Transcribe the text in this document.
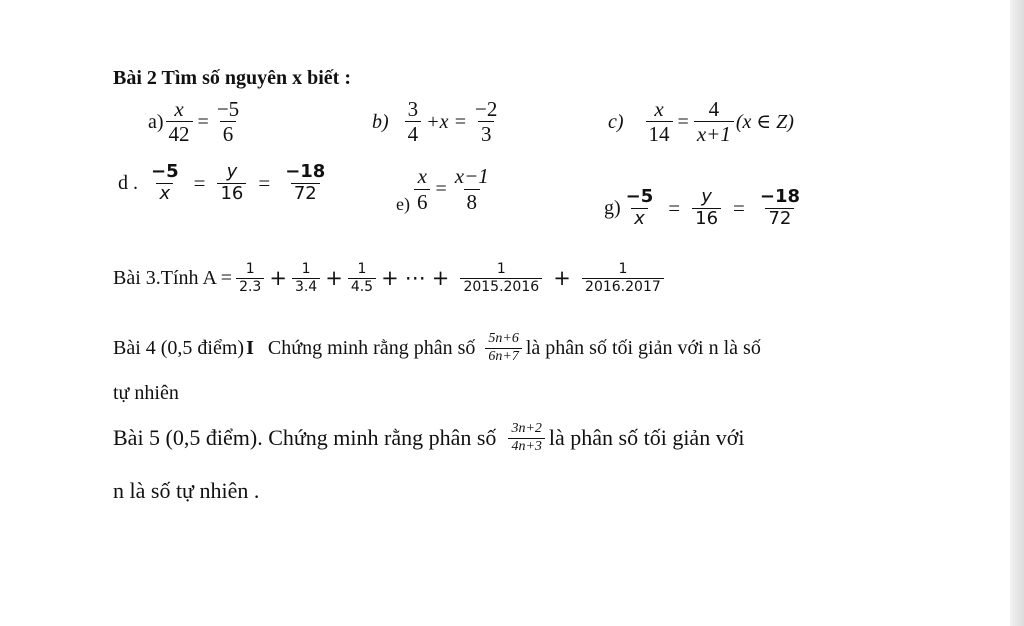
Bài 2 Tìm số nguyên x biết :
$a) \frac{x}{42} = \frac{-5}{6}$	$b) \frac{3}{4} +x = \frac{-2}{3}$	$c) \frac{x}{14} = \frac{4}{x+1} (x$ ∈ Z)
d . $\frac{-5}{x} = \frac{y}{16} = \frac{-18}{72}$
$e) \frac{x}{6} = \frac{x-1}{8}$	$g) \frac{-5}{x} = \frac{y}{16} = \frac{-18}{72}$
Bài 3.Tính $A = \frac{1}{2.3} + \frac{1}{3.4} + \frac{1}{4.5}$ + ⋯ + $\frac{1}{2015.2016} + \frac{1}{2016.2017}$
Bài 4 (0,5 điểm) I Chứng minh rằng phân số $\frac{5n+6}{6n+7}$ là phân số tối giản với n là số
tự nhiên
Bài 5 (0,5 điểm). Chứng minh rằng phân số $\frac{3n+2}{4n+3}$ là phân số tối giản với
n là số tự nhiên .
